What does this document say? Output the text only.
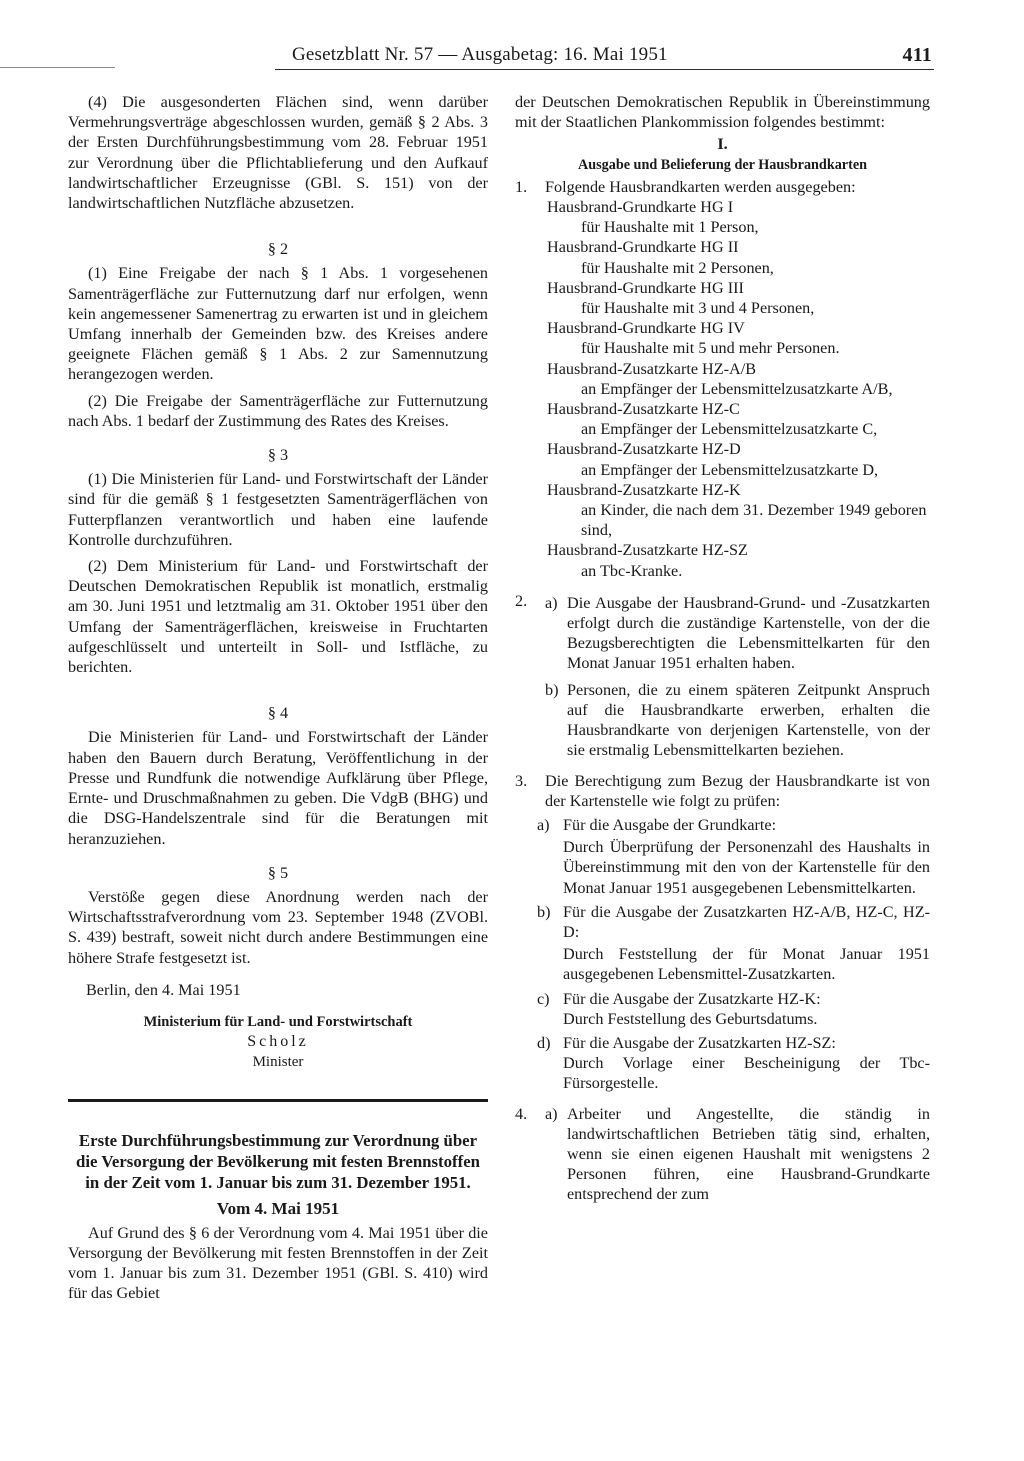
Gesetzblatt Nr. 57 — Ausgabetag: 16. Mai 1951	411

(4) Die ausgesonderten Flächen sind, wenn darüber Vermehrungsverträge abgeschlossen wurden, gemäß § 2 Abs. 3 der Ersten Durchführungsbestimmung vom 28. Februar 1951 zur Verordnung über die Pflichtablieferung und den Aufkauf landwirtschaftlicher Erzeugnisse (GBl. S. 151) von der landwirtschaftlichen Nutzfläche abzusetzen.

§ 2

(1) Eine Freigabe der nach § 1 Abs. 1 vorgesehenen Samenträgerfläche zur Futternutzung darf nur erfolgen, wenn kein angemessener Samenertrag zu erwarten ist und in gleichem Umfang innerhalb der Gemeinden bzw. des Kreises andere geeignete Flächen gemäß § 1 Abs. 2 zur Samennutzung herangezogen werden.

(2) Die Freigabe der Samenträgerfläche zur Futternutzung nach Abs. 1 bedarf der Zustimmung des Rates des Kreises.

§ 3

(1) Die Ministerien für Land- und Forstwirtschaft der Länder sind für die gemäß § 1 festgesetzten Samenträgerflächen von Futterpflanzen verantwortlich und haben eine laufende Kontrolle durchzuführen.

(2) Dem Ministerium für Land- und Forstwirtschaft der Deutschen Demokratischen Republik ist monatlich, erstmalig am 30. Juni 1951 und letztmalig am 31. Oktober 1951 über den Umfang der Samenträgerflächen, kreisweise in Fruchtarten aufgeschlüsselt und unterteilt in Soll- und Istfläche, zu berichten.

§ 4

Die Ministerien für Land- und Forstwirtschaft der Länder haben den Bauern durch Beratung, Veröffentlichung in der Presse und Rundfunk die notwendige Aufklärung über Pflege, Ernte- und Druschmaßnahmen zu geben. Die VdgB (BHG) und die DSG-Handelszentrale sind für die Beratungen mit heranzuziehen.

§ 5

Verstöße gegen diese Anordnung werden nach der Wirtschaftsstrafverordnung vom 23. September 1948 (ZVOBl. S. 439) bestraft, soweit nicht durch andere Bestimmungen eine höhere Strafe festgesetzt ist.

Berlin, den 4. Mai 1951

Ministerium für Land- und Forstwirtschaft
Scholz
Minister
Erste Durchführungsbestimmung zur Verordnung über die Versorgung der Bevölkerung mit festen Brennstoffen in der Zeit vom 1. Januar bis zum 31. Dezember 1951.
Vom 4. Mai 1951

Auf Grund des § 6 der Verordnung vom 4. Mai 1951 über die Versorgung der Bevölkerung mit festen Brennstoffen in der Zeit vom 1. Januar bis zum 31. Dezember 1951 (GBl. S. 410) wird für das Gebiet

der Deutschen Demokratischen Republik in Übereinstimmung mit der Staatlichen Plankommission folgendes bestimmt:

I.
Ausgabe und Belieferung der Hausbrandkarten
1.	Folgende Hausbrandkarten werden ausgegeben:
Hausbrand-Grundkarte HG I
für Haushalte mit 1 Person,
Hausbrand-Grundkarte HG II
für Haushalte mit 2 Personen,
Hausbrand-Grundkarte HG III
für Haushalte mit 3 und 4 Personen,
Hausbrand-Grundkarte HG IV
für Haushalte mit 5 und mehr Personen.
Hausbrand-Zusatzkarte HZ-A/B
an Empfänger der Lebensmittelzusatzkarte A/B,
Hausbrand-Zusatzkarte HZ-C
an Empfänger der Lebensmittelzusatzkarte C,
Hausbrand-Zusatzkarte HZ-D
an Empfänger der Lebensmittelzusatzkarte D,
Hausbrand-Zusatzkarte HZ-K
an Kinder, die nach dem 31. Dezember 1949 geboren sind,
Hausbrand-Zusatzkarte HZ-SZ
an Tbc-Kranke.
2.	a) Die Ausgabe der Hausbrand-Grund- und -Zusatzkarten erfolgt durch die zuständige Kartenstelle, von der die Bezugsberechtigten die Lebensmittelkarten für den Monat Januar 1951 erhalten haben.

b) Personen, die zu einem späteren Zeitpunkt Anspruch auf die Hausbrandkarte erwerben, erhalten die Hausbrandkarte von derjenigen Kartenstelle, von der sie erstmalig Lebensmittelkarten beziehen.

3.	Die Berechtigung zum Bezug der Hausbrandkarte ist von der Kartenstelle wie folgt zu prüfen:

a) Für die Ausgabe der Grundkarte:

Durch Überprüfung der Personenzahl des Haushalts in Übereinstimmung mit den von der Kartenstelle für den Monat Januar 1951 ausgegebenen Lebensmittelkarten.

b) Für die Ausgabe der Zusatzkarten HZ-A/B, HZ-C, HZ-D:

Durch Feststellung der für Monat Januar 1951 ausgegebenen Lebensmittel-Zusatzkarten.

c) Für die Ausgabe der Zusatzkarte HZ-K:
Durch Feststellung des Geburtsdatums.
d) Für die Ausgabe der Zusatzkarten HZ-SZ:

Durch Vorlage einer Bescheinigung der Tbc-Fürsorgestelle.

4.	a) Arbeiter und Angestellte, die ständig in landwirtschaftlichen Betrieben tätig sind, erhalten, wenn sie einen eigenen Haushalt mit wenigstens 2 Personen führen, eine Hausbrand-Grundkarte entsprechend der zum
